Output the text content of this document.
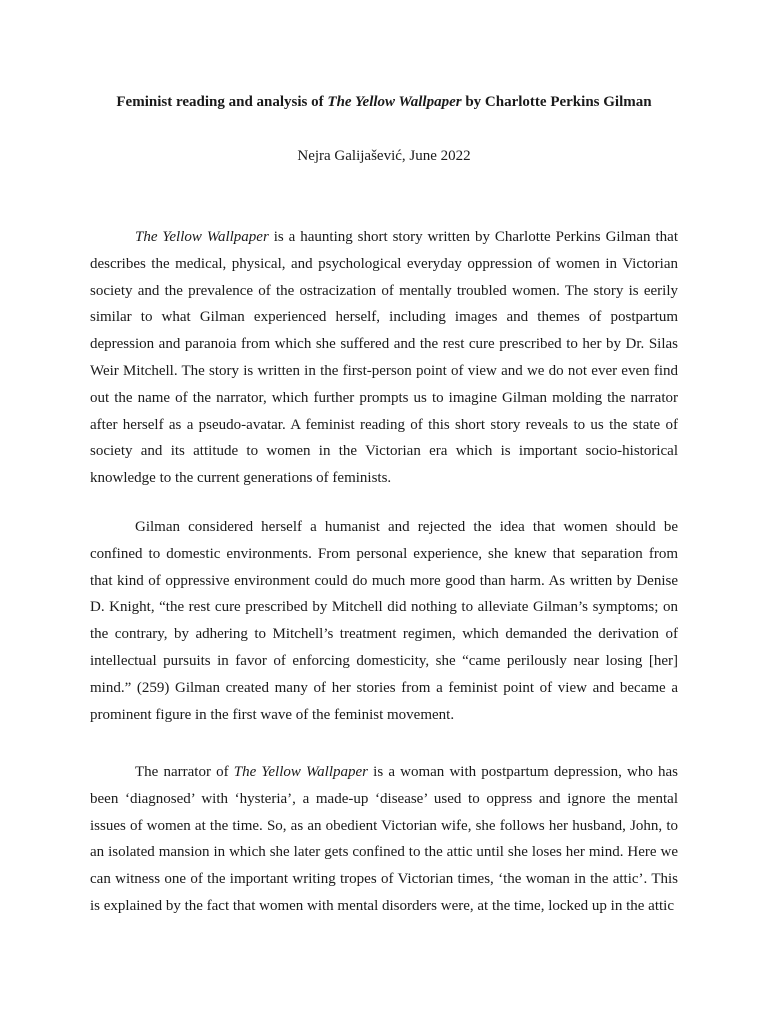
Feminist reading and analysis of The Yellow Wallpaper by Charlotte Perkins Gilman
Nejra Galijašević, June 2022

The Yellow Wallpaper is a haunting short story written by Charlotte Perkins Gilman that describes the medical, physical, and psychological everyday oppression of women in Victorian society and the prevalence of the ostracization of mentally troubled women. The story is eerily similar to what Gilman experienced herself, including images and themes of postpartum depression and paranoia from which she suffered and the rest cure prescribed to her by Dr. Silas Weir Mitchell. The story is written in the first-person point of view and we do not ever even find out the name of the narrator, which further prompts us to imagine Gilman molding the narrator after herself as a pseudo-avatar. A feminist reading of this short story reveals to us the state of society and its attitude to women in the Victorian era which is important socio-historical knowledge to the current generations of feminists.

Gilman considered herself a humanist and rejected the idea that women should be confined to domestic environments. From personal experience, she knew that separation from that kind of oppressive environment could do much more good than harm. As written by Denise D. Knight, “the rest cure prescribed by Mitchell did nothing to alleviate Gilman’s symptoms; on the contrary, by adhering to Mitchell’s treatment regimen, which demanded the derivation of intellectual pursuits in favor of enforcing domesticity, she “came perilously near losing [her] mind.” (259) Gilman created many of her stories from a feminist point of view and became a prominent figure in the first wave of the feminist movement.

The narrator of The Yellow Wallpaper is a woman with postpartum depression, who has been ‘diagnosed’ with ‘hysteria’, a made-up ‘disease’ used to oppress and ignore the mental issues of women at the time. So, as an obedient Victorian wife, she follows her husband, John, to an isolated mansion in which she later gets confined to the attic until she loses her mind. Here we can witness one of the important writing tropes of Victorian times, ‘the woman in the attic’. This is explained by the fact that women with mental disorders were, at the time, locked up in the attic
